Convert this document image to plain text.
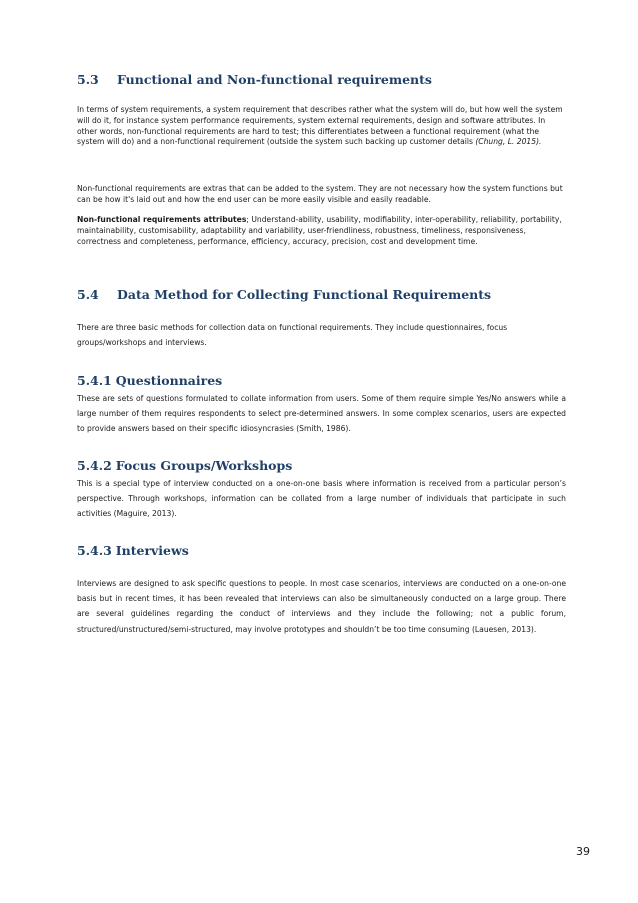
5.3 Functional and Non-functional requirements

In terms of system requirements, a system requirement that describes rather what the system will do, but how well the system will do it, for instance system performance requirements, system external requirements, design and software attributes. In other words, non-functional requirements are hard to test; this differentiates between a functional requirement (what the system will do) and a non-functional requirement (outside the system such backing up customer details (Chung, L. 2015).

Non-functional requirements are extras that can be added to the system. They are not necessary how the system functions but can be how it's laid out and how the end user can be more easily visible and easily readable.

Non-functional requirements attributes; Understand-ability, usability, modifiability, inter-operability, reliability, portability, maintainability, customisability, adaptability and variability, user-friendliness, robustness, timeliness, responsiveness, correctness and completeness, performance, efficiency, accuracy, precision, cost and development time.

5.4 Data Method for Collecting Functional Requirements

There are three basic methods for collection data on functional requirements. They include questionnaires, focus groups/workshops and interviews.

5.4.1 Questionnaires

These are sets of questions formulated to collate information from users. Some of them require simple Yes/No answers while a large number of them requires respondents to select pre-determined answers. In some complex scenarios, users are expected to provide answers based on their specific idiosyncrasies (Smith, 1986).

5.4.2 Focus Groups/Workshops

This is a special type of interview conducted on a one-on-one basis where information is received from a particular person’s perspective. Through workshops, information can be collated from a large number of individuals that participate in such activities (Maguire, 2013).

5.4.3 Interviews

Interviews are designed to ask specific questions to people. In most case scenarios, interviews are conducted on a one-on-one basis but in recent times, it has been revealed that interviews can also be simultaneously conducted on a large group. There are several guidelines regarding the conduct of interviews and they include the following; not a public forum, structured/unstructured/semi-structured, may involve prototypes and shouldn’t be too time consuming (Lauesen, 2013).

39
